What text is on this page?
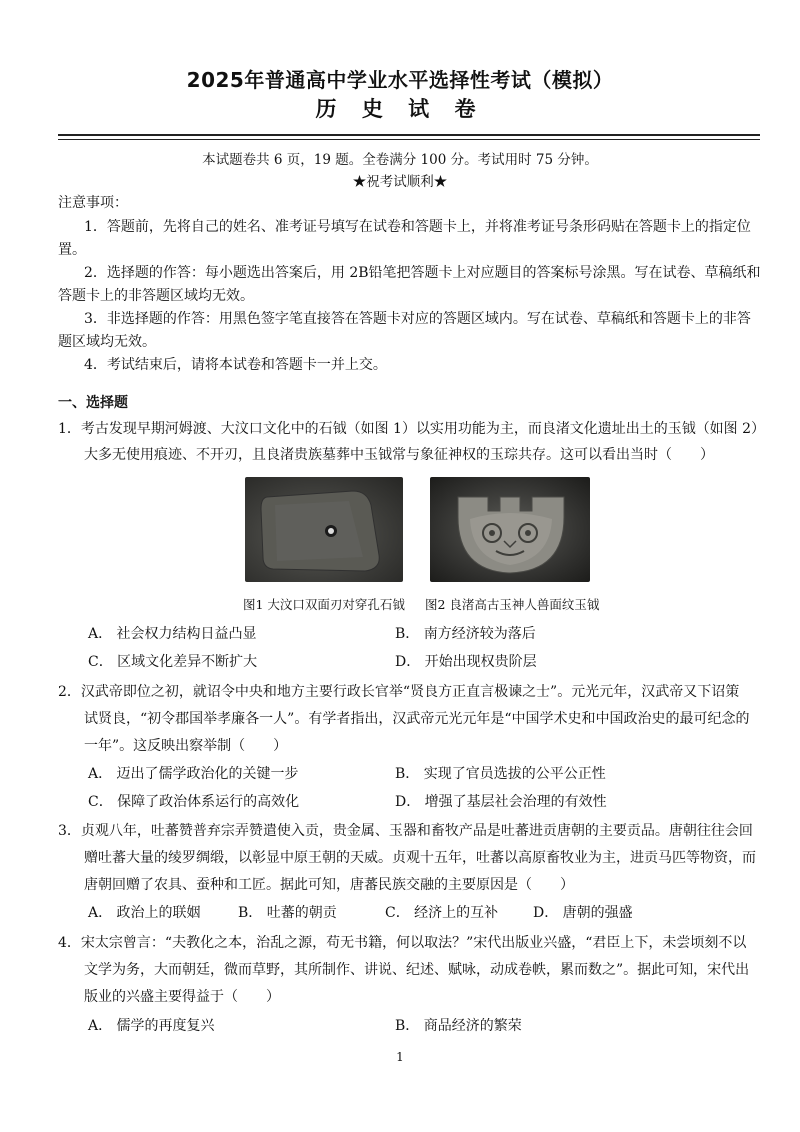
2025年普通高中学业水平选择性考试（模拟）
历 史 试 卷
本试题卷共 6 页，19 题。全卷满分 100 分。考试用时 75 分钟。
★祝考试顺利★
注意事项：
1．答题前，先将自己的姓名、准考证号填写在试卷和答题卡上，并将准考证号条形码贴在答题卡上的指定位
置。
2．选择题的作答：每小题选出答案后，用 2B铅笔把答题卡上对应题目的答案标号涂黑。写在试卷、草稿纸和
答题卡上的非答题区域均无效。
3．非选择题的作答：用黑色签字笔直接答在答题卡对应的答题区域内。写在试卷、草稿纸和答题卡上的非答
题区域均无效。
4．考试结束后，请将本试卷和答题卡一并上交。
一、选择题
1．考古发现早期河姆渡、大汶口文化中的石钺（如图 1）以实用功能为主，而良渚文化遗址出土的玉钺（如图 2）
大多无使用痕迹、不开刃，且良渚贵族墓葬中玉钺常与象征神权的玉琮共存。这可以看出当时（　　）
图1 大汶口双面刃对穿孔石钺 图2 良渚高古玉神人兽面纹玉钺
A． 社会权力结构日益凸显	B． 南方经济较为落后
C． 区域文化差异不断扩大	D． 开始出现权贵阶层
2．汉武帝即位之初，就诏令中央和地方主要行政长官举“贤良方正直言极谏之士”。元光元年，汉武帝又下诏策
试贤良，“初令郡国举孝廉各一人”。有学者指出，汉武帝元光元年是“中国学术史和中国政治史的最可纪念的
一年”。这反映出察举制（　　）
A． 迈出了儒学政治化的关键一步	B． 实现了官员选拔的公平公正性
C． 保障了政治体系运行的高效化	D． 增强了基层社会治理的有效性
3．贞观八年，吐蕃赞普弃宗弄赞遣使入贡，贵金属、玉器和畜牧产品是吐蕃进贡唐朝的主要贡品。唐朝往往会回
赠吐蕃大量的绫罗绸缎，以彰显中原王朝的天威。贞观十五年，吐蕃以高原畜牧业为主，进贡马匹等物资，而
唐朝回赠了农具、蚕种和工匠。据此可知，唐蕃民族交融的主要原因是（　　）
A． 政治上的联姻	B． 吐蕃的朝贡	C． 经济上的互补 D． 唐朝的强盛
4．宋太宗曾言：“夫教化之本，治乱之源，苟无书籍，何以取法？”宋代出版业兴盛，“君臣上下，未尝顷刻不以
文学为务，大而朝廷，微而草野，其所制作、讲说、纪述、赋咏，动成卷帙，累而数之”。据此可知，宋代出
版业的兴盛主要得益于（　　）
A． 儒学的再度复兴	B． 商品经济的繁荣
1
